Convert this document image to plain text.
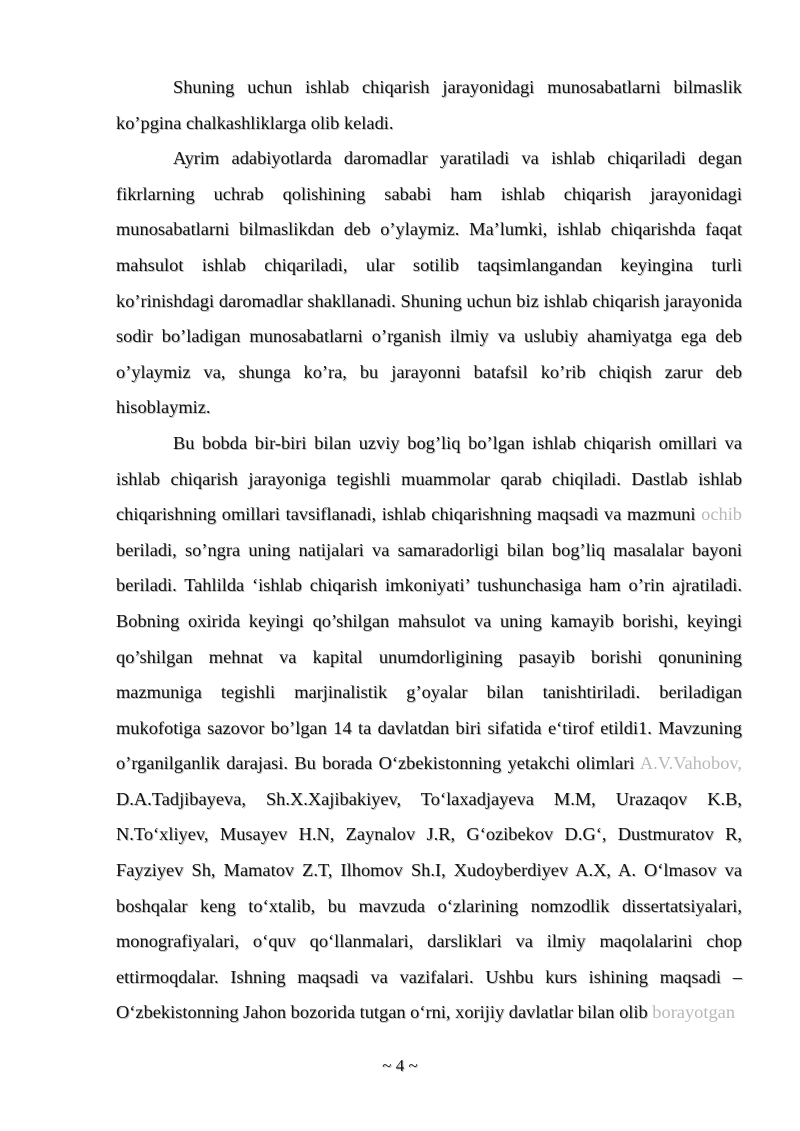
Shuning uchun ishlab chiqarish jarayonidagi munosabatlarni bilmaslik ko’pgina chalkashliklarga olib keladi.

Ayrim adabiyotlarda daromadlar yaratiladi va ishlab chiqariladi degan fikrlarning uchrab qolishining sababi ham ishlab chiqarish jarayonidagi munosabatlarni bilmaslikdan deb o’ylaymiz. Ma’lumki, ishlab chiqarishda faqat mahsulot ishlab chiqariladi, ular sotilib taqsimlangandan keyingina turli ko’rinishdagi daromadlar shakllanadi. Shuning uchun biz ishlab chiqarish jarayonida sodir bo’ladigan munosabatlarni o’rganish ilmiy va uslubiy ahamiyatga ega deb o’ylaymiz va, shunga ko’ra, bu jarayonni batafsil ko’rib chiqish zarur deb hisoblaymiz.

Bu bobda bir-biri bilan uzviy bog’liq bo’lgan ishlab chiqarish omillari va ishlab chiqarish jarayoniga tegishli muammolar qarab chiqiladi. Dastlab ishlab chiqarishning omillari tavsiflanadi, ishlab chiqarishning maqsadi va mazmuni ochib beriladi, so’ngra uning natijalari va samaradorligi bilan bog’liq masalalar bayoni beriladi. Tahlilda ‘ishlab chiqarish imkoniyati’ tushunchasiga ham o’rin ajratiladi. Bobning oxirida keyingi qo’shilgan mahsulot va uning kamayib borishi, keyingi qo’shilgan mehnat va kapital unumdorligining pasayib borishi qonunining mazmuniga tegishli marjinalistik g’oyalar bilan tanishtiriladi. beriladigan mukofotiga sazovor bo’lgan 14 ta davlatdan biri sifatida e‘tirof etildi1. Mavzuning o’rganilganlik darajasi. Bu borada O‘zbekistonning yetakchi olimlari A.V.Vahobov, D.A.Tadjibayeva, Sh.X.Xajibakiyev, To‘laxadjayeva M.M, Urazaqov K.B, N.To‘xliyev, Musayev H.N, Zaynalov J.R, G‘ozibekov D.G‘, Dustmuratov R, Fayziyev Sh, Mamatov Z.T, Ilhomov Sh.I, Xudoyberdiyev A.X, A. O‘lmasov va boshqalar keng to‘xtalib, bu mavzuda o‘zlarining nomzodlik dissertatsiyalari, monografiyalari, o‘quv qo‘llanmalari, darsliklari va ilmiy maqolalarini chop ettirmoqdalar. Ishning maqsadi va vazifalari. Ushbu kurs ishining maqsadi – O‘zbekistonning Jahon bozorida tutgan o‘rni, xorijiy davlatlar bilan olib borayotgan

~ 4 ~
